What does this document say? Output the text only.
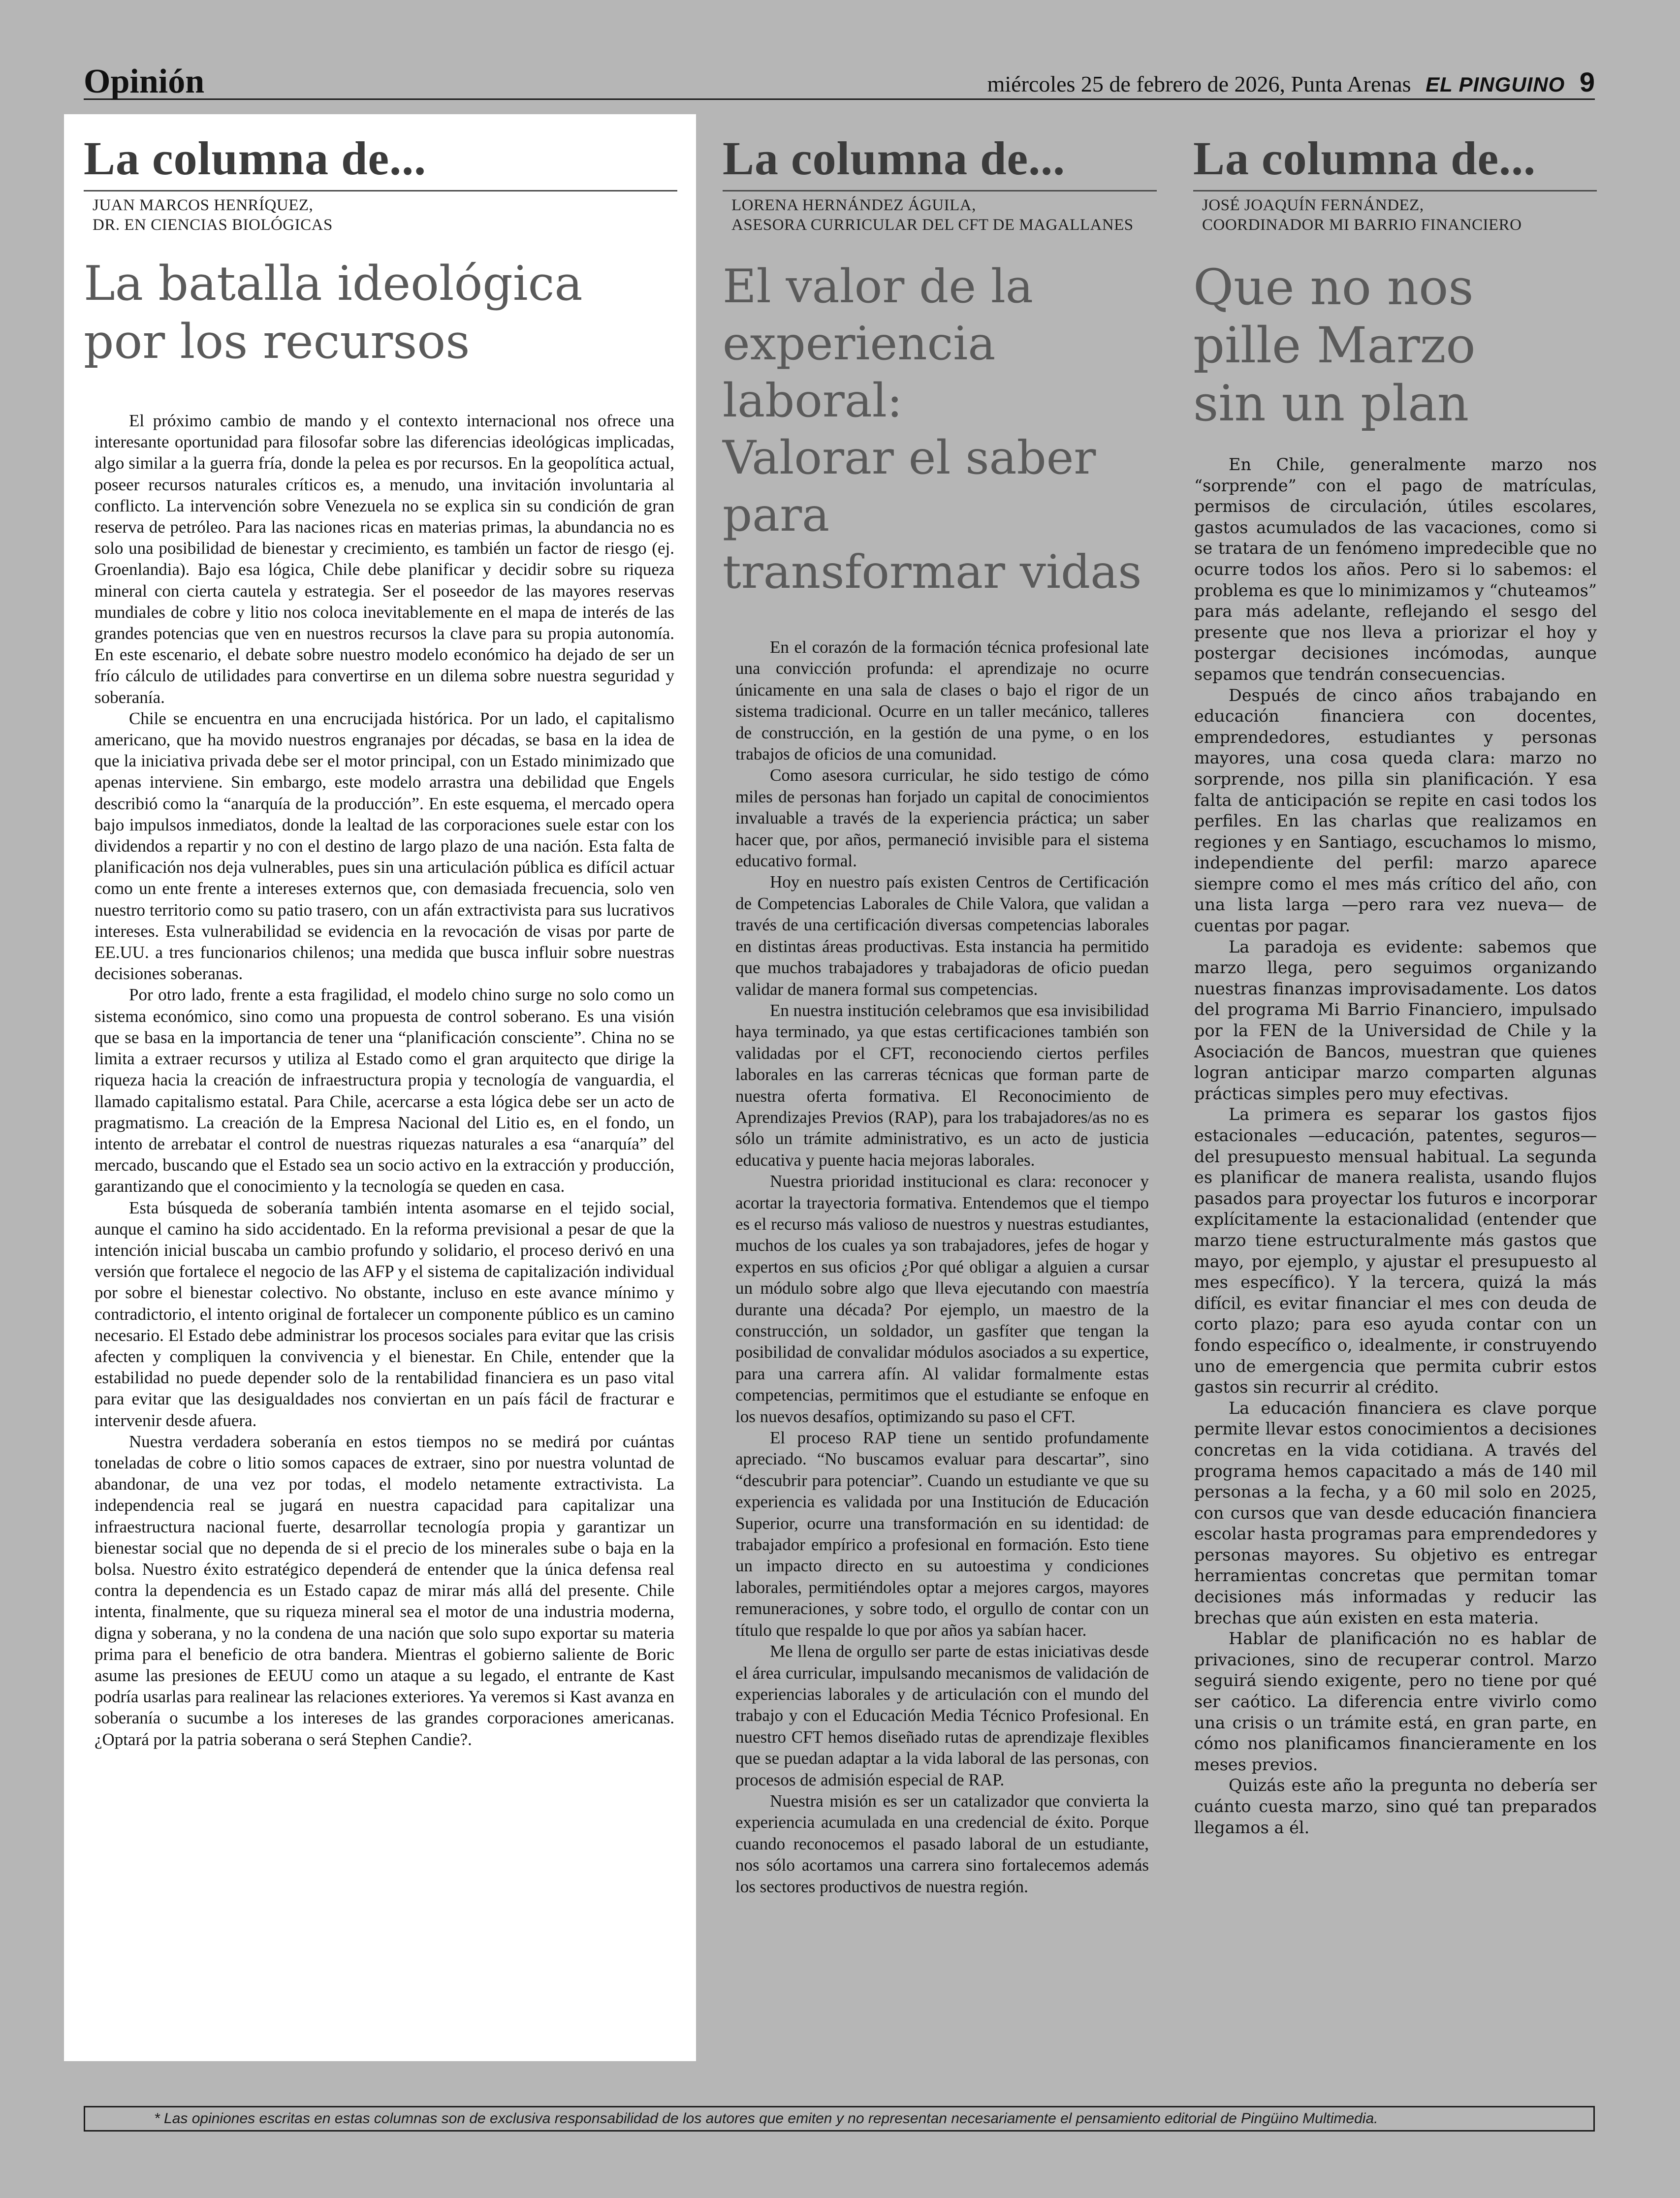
Opinión	miércoles 25 de febrero de 2026, Punta Arenas EL PINGUINO 9
La columna de...
JUAN MARCOS HENRÍQUEZ,
DR. EN CIENCIAS BIOLÓGICAS
La batalla ideológica
por los recursos

El próximo cambio de mando y el contexto internacional nos ofrece una interesante oportunidad para filosofar sobre las diferencias ideológicas implicadas, algo similar a la guerra fría, donde la pelea es por recursos. En la geopolítica actual, poseer recursos naturales críticos es, a menudo, una invitación involuntaria al conflicto. La intervención sobre Venezuela no se explica sin su condición de gran reserva de petróleo. Para las naciones ricas en materias primas, la abundancia no es solo una posibilidad de bienestar y crecimiento, es también un factor de riesgo (ej. Groenlandia). Bajo esa lógica, Chile debe planificar y decidir sobre su riqueza mineral con cierta cautela y estrategia. Ser el poseedor de las mayores reservas mundiales de cobre y litio nos coloca inevitablemente en el mapa de interés de las grandes potencias que ven en nuestros recursos la clave para su propia autonomía. En este escenario, el debate sobre nuestro modelo económico ha dejado de ser un frío cálculo de utilidades para convertirse en un dilema sobre nuestra seguridad y soberanía.

Chile se encuentra en una encrucijada histórica. Por un lado, el capitalismo americano, que ha movido nuestros engranajes por décadas, se basa en la idea de que la iniciativa privada debe ser el motor principal, con un Estado minimizado que apenas interviene. Sin embargo, este modelo arrastra una debilidad que Engels describió como la “anarquía de la producción”. En este esquema, el mercado opera bajo impulsos inmediatos, donde la lealtad de las corporaciones suele estar con los dividendos a repartir y no con el destino de largo plazo de una nación. Esta falta de planificación nos deja vulnerables, pues sin una articulación pública es difícil actuar como un ente frente a intereses externos que, con demasiada frecuencia, solo ven nuestro territorio como su patio trasero, con un afán extractivista para sus lucrativos intereses. Esta vulnerabilidad se evidencia en la revocación de visas por parte de EE.UU. a tres funcionarios chilenos; una medida que busca influir sobre nuestras decisiones soberanas.

Por otro lado, frente a esta fragilidad, el modelo chino surge no solo como un sistema económico, sino como una propuesta de control soberano. Es una visión que se basa en la importancia de tener una “planificación consciente”. China no se limita a extraer recursos y utiliza al Estado como el gran arquitecto que dirige la riqueza hacia la creación de infraestructura propia y tecnología de vanguardia, el llamado capitalismo estatal. Para Chile, acercarse a esta lógica debe ser un acto de pragmatismo. La creación de la Empresa Nacional del Litio es, en el fondo, un intento de arrebatar el control de nuestras riquezas naturales a esa “anarquía” del mercado, buscando que el Estado sea un socio activo en la extracción y producción, garantizando que el conocimiento y la tecnología se queden en casa.

Esta búsqueda de soberanía también intenta asomarse en el tejido social, aunque el camino ha sido accidentado. En la reforma previsional a pesar de que la intención inicial buscaba un cambio profundo y solidario, el proceso derivó en una versión que fortalece el negocio de las AFP y el sistema de capitalización individual por sobre el bienestar colectivo. No obstante, incluso en este avance mínimo y contradictorio, el intento original de fortalecer un componente público es un camino necesario. El Estado debe administrar los procesos sociales para evitar que las crisis afecten y compliquen la convivencia y el bienestar. En Chile, entender que la estabilidad no puede depender solo de la rentabilidad financiera es un paso vital para evitar que las desigualdades nos conviertan en un país fácil de fracturar e intervenir desde afuera.

Nuestra verdadera soberanía en estos tiempos no se medirá por cuántas toneladas de cobre o litio somos capaces de extraer, sino por nuestra voluntad de abandonar, de una vez por todas, el modelo netamente extractivista. La independencia real se jugará en nuestra capacidad para capitalizar una infraestructura nacional fuerte, desarrollar tecnología propia y garantizar un bienestar social que no dependa de si el precio de los minerales sube o baja en la bolsa. Nuestro éxito estratégico dependerá de entender que la única defensa real contra la dependencia es un Estado capaz de mirar más allá del presente. Chile intenta, finalmente, que su riqueza mineral sea el motor de una industria moderna, digna y soberana, y no la condena de una nación que solo supo exportar su materia prima para el beneficio de otra bandera. Mientras el gobierno saliente de Boric asume las presiones de EEUU como un ataque a su legado, el entrante de Kast podría usarlas para realinear las relaciones exteriores. Ya veremos si Kast avanza en soberanía o sucumbe a los intereses de las grandes corporaciones americanas. ¿Optará por la patria soberana o será Stephen Candie?.

La columna de...
LORENA HERNÁNDEZ ÁGUILA,
ASESORA CURRICULAR DEL CFT DE MAGALLANES
El valor de la
experiencia laboral:
Valorar el saber para
transformar vidas

En el corazón de la formación técnica profesional late una convicción profunda: el aprendizaje no ocurre únicamente en una sala de clases o bajo el rigor de un sistema tradicional. Ocurre en un taller mecánico, talleres de construcción, en la gestión de una pyme, o en los trabajos de oficios de una comunidad.

Como asesora curricular, he sido testigo de cómo miles de personas han forjado un capital de conocimientos invaluable a través de la experiencia práctica; un saber hacer que, por años, permaneció invisible para el sistema educativo formal.

Hoy en nuestro país existen Centros de Certificación de Competencias Laborales de Chile Valora, que validan a través de una certificación diversas competencias laborales en distintas áreas productivas. Esta instancia ha permitido que muchos trabajadores y trabajadoras de oficio puedan validar de manera formal sus competencias.

En nuestra institución celebramos que esa invisibilidad haya terminado, ya que estas certificaciones también son validadas por el CFT, reconociendo ciertos perfiles laborales en las carreras técnicas que forman parte de nuestra oferta formativa. El Reconocimiento de Aprendizajes Previos (RAP), para los trabajadores/as no es sólo un trámite administrativo, es un acto de justicia educativa y puente hacia mejoras laborales.

Nuestra prioridad institucional es clara: reconocer y acortar la trayectoria formativa. Entendemos que el tiempo es el recurso más valioso de nuestros y nuestras estudiantes, muchos de los cuales ya son trabajadores, jefes de hogar y expertos en sus oficios ¿Por qué obligar a alguien a cursar un módulo sobre algo que lleva ejecutando con maestría durante una década? Por ejemplo, un maestro de la construcción, un soldador, un gasfíter que tengan la posibilidad de convalidar módulos asociados a su expertice, para una carrera afín. Al validar formalmente estas competencias, permitimos que el estudiante se enfoque en los nuevos desafíos, optimizando su paso el CFT.

El proceso RAP tiene un sentido profundamente apreciado. “No buscamos evaluar para descartar”, sino “descubrir para potenciar”. Cuando un estudiante ve que su experiencia es validada por una Institución de Educación Superior, ocurre una transformación en su identidad: de trabajador empírico a profesional en formación. Esto tiene un impacto directo en su autoestima y condiciones laborales, permitiéndoles optar a mejores cargos, mayores remuneraciones, y sobre todo, el orgullo de contar con un título que respalde lo que por años ya sabían hacer.

Me llena de orgullo ser parte de estas iniciativas desde el área curricular, impulsando mecanismos de validación de experiencias laborales y de articulación con el mundo del trabajo y con el Educación Media Técnico Profesional. En nuestro CFT hemos diseñado rutas de aprendizaje flexibles que se puedan adaptar a la vida laboral de las personas, con procesos de admisión especial de RAP.

Nuestra misión es ser un catalizador que convierta la experiencia acumulada en una credencial de éxito. Porque cuando reconocemos el pasado laboral de un estudiante, nos sólo acortamos una carrera sino fortalecemos además los sectores productivos de nuestra región.

La columna de...
JOSÉ JOAQUÍN FERNÁNDEZ,
COORDINADOR MI BARRIO FINANCIERO
Que no nos
pille Marzo
sin un plan

En Chile, generalmente marzo nos “sorprende” con el pago de matrículas, permisos de circulación, útiles escolares, gastos acumulados de las vacaciones, como si se tratara de un fenómeno impredecible que no ocurre todos los años. Pero si lo sabemos: el problema es que lo minimizamos y “chuteamos” para más adelante, reflejando el sesgo del presente que nos lleva a priorizar el hoy y postergar decisiones incómodas, aunque sepamos que tendrán consecuencias.

Después de cinco años trabajando en educación financiera con docentes, emprendedores, estudiantes y personas mayores, una cosa queda clara: marzo no sorprende, nos pilla sin planificación. Y esa falta de anticipación se repite en casi todos los perfiles. En las charlas que realizamos en regiones y en Santiago, escuchamos lo mismo, independiente del perfil: marzo aparece siempre como el mes más crítico del año, con una lista larga —pero rara vez nueva— de cuentas por pagar.

La paradoja es evidente: sabemos que marzo llega, pero seguimos organizando nuestras finanzas improvisadamente. Los datos del programa Mi Barrio Financiero, impulsado por la FEN de la Universidad de Chile y la Asociación de Bancos, muestran que quienes logran anticipar marzo comparten algunas prácticas simples pero muy efectivas.

La primera es separar los gastos fijos estacionales —educación, patentes, seguros— del presupuesto mensual habitual. La segunda es planificar de manera realista, usando flujos pasados para proyectar los futuros e incorporar explícitamente la estacionalidad (entender que marzo tiene estructuralmente más gastos que mayo, por ejemplo, y ajustar el presupuesto al mes específico). Y la tercera, quizá la más difícil, es evitar financiar el mes con deuda de corto plazo; para eso ayuda contar con un fondo específico o, idealmente, ir construyendo uno de emergencia que permita cubrir estos gastos sin recurrir al crédito.

La educación financiera es clave porque permite llevar estos conocimientos a decisiones concretas en la vida cotidiana. A través del programa hemos capacitado a más de 140 mil personas a la fecha, y a 60 mil solo en 2025, con cursos que van desde educación financiera escolar hasta programas para emprendedores y personas mayores. Su objetivo es entregar herramientas concretas que permitan tomar decisiones más informadas y reducir las brechas que aún existen en esta materia.

Hablar de planificación no es hablar de privaciones, sino de recuperar control. Marzo seguirá siendo exigente, pero no tiene por qué ser caótico. La diferencia entre vivirlo como una crisis o un trámite está, en gran parte, en cómo nos planificamos financieramente en los meses previos.

Quizás este año la pregunta no debería ser cuánto cuesta marzo, sino qué tan preparados llegamos a él.

* Las opiniones escritas en estas columnas son de exclusiva responsabilidad de los autores que emiten y no representan necesariamente el pensamiento editorial de Pingüino Multimedia.
